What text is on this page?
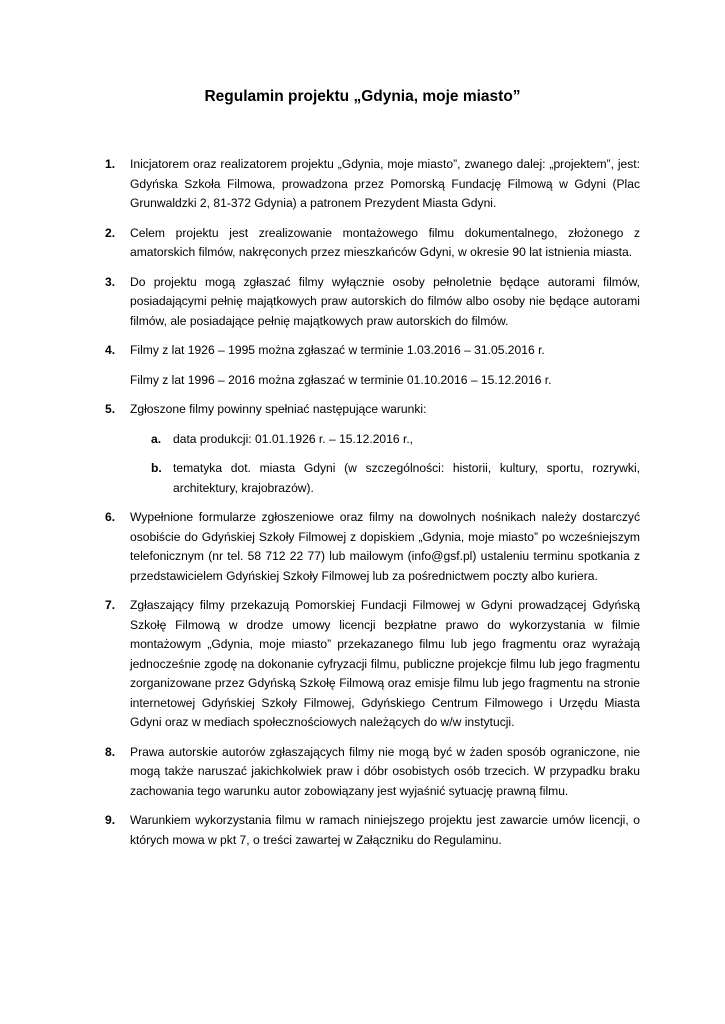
Regulamin projektu „Gdynia, moje miasto”
1. Inicjatorem oraz realizatorem projektu „Gdynia, moje miasto”, zwanego dalej: „projektem”, jest: Gdyńska Szkoła Filmowa, prowadzona przez Pomorską Fundację Filmową w Gdyni (Plac Grunwaldzki 2, 81-372 Gdynia) a patronem Prezydent Miasta Gdyni.
2. Celem projektu jest zrealizowanie montażowego filmu dokumentalnego, złożonego z amatorskich filmów, nakręconych przez mieszkańców Gdyni, w okresie 90 lat istnienia miasta.
3. Do projektu mogą zgłaszać filmy wyłącznie osoby pełnoletnie będące autorami filmów, posiadającymi pełnię majątkowych praw autorskich do filmów albo osoby nie będące autorami filmów, ale posiadające pełnię majątkowych praw autorskich do filmów.
4. Filmy z lat 1926 – 1995 można zgłaszać w terminie 1.03.2016 – 31.05.2016 r.
Filmy z lat 1996 – 2016 można zgłaszać w terminie 01.10.2016 – 15.12.2016 r.
5. Zgłoszone filmy powinny spełniać następujące warunki:
a. data produkcji: 01.01.1926 r. – 15.12.2016 r.,
b. tematyka dot. miasta Gdyni (w szczególności: historii, kultury, sportu, rozrywki, architektury, krajobrazów).
6. Wypełnione formularze zgłoszeniowe oraz filmy na dowolnych nośnikach należy dostarczyć osobiście do Gdyńskiej Szkoły Filmowej z dopiskiem „Gdynia, moje miasto” po wcześniejszym telefonicznym (nr tel. 58 712 22 77) lub mailowym (info@gsf.pl) ustaleniu terminu spotkania z przedstawicielem Gdyńskiej Szkoły Filmowej lub za pośrednictwem poczty albo kuriera.
7. Zgłaszający filmy przekazują Pomorskiej Fundacji Filmowej w Gdyni prowadzącej Gdyńską Szkołę Filmową w drodze umowy licencji bezpłatne prawo do wykorzystania w filmie montażowym „Gdynia, moje miasto” przekazanego filmu lub jego fragmentu oraz wyrażają jednocześnie zgodę na dokonanie cyfryzacji filmu, publiczne projekcje filmu lub jego fragmentu zorganizowane przez Gdyńską Szkołę Filmową oraz emisje filmu lub jego fragmentu na stronie internetowej Gdyńskiej Szkoły Filmowej, Gdyńskiego Centrum Filmowego i Urzędu Miasta Gdyni oraz w mediach społecznościowych należących do w/w instytucji.
8. Prawa autorskie autorów zgłaszających filmy nie mogą być w żaden sposób ograniczone, nie mogą także naruszać jakichkolwiek praw i dóbr osobistych osób trzecich. W przypadku braku zachowania tego warunku autor zobowiązany jest wyjaśnić sytuację prawną filmu.
9. Warunkiem wykorzystania filmu w ramach niniejszego projektu jest zawarcie umów licencji, o których mowa w pkt 7, o treści zawartej w Załączniku do Regulaminu.
